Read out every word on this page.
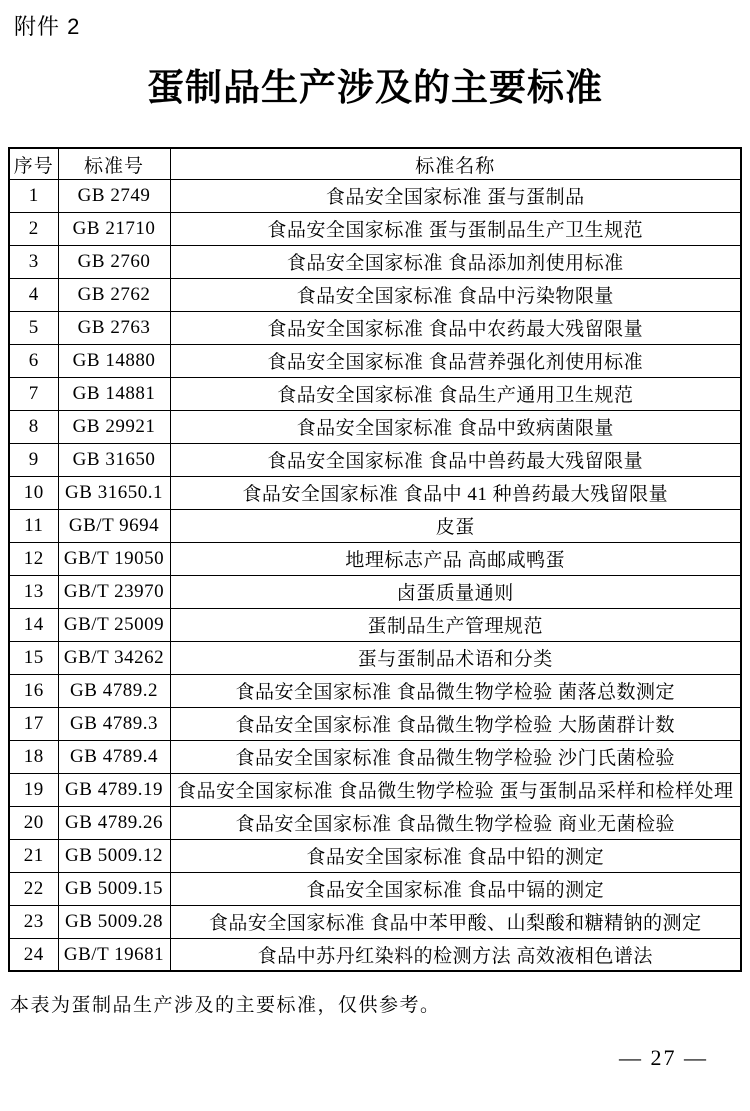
附件 2
蛋制品生产涉及的主要标准
序号	标准号	标准名称
1	GB 2749	食品安全国家标准 蛋与蛋制品
2	GB 21710	食品安全国家标准 蛋与蛋制品生产卫生规范
3	GB 2760	食品安全国家标准 食品添加剂使用标准
4	GB 2762	食品安全国家标准 食品中污染物限量
5	GB 2763	食品安全国家标准 食品中农药最大残留限量
6	GB 14880	食品安全国家标准 食品营养强化剂使用标准
7	GB 14881	食品安全国家标准 食品生产通用卫生规范
8	GB 29921	食品安全国家标准 食品中致病菌限量
9	GB 31650	食品安全国家标准 食品中兽药最大残留限量
10	GB 31650.1	食品安全国家标准 食品中 41 种兽药最大残留限量
11	GB/T 9694	皮蛋
12	GB/T 19050	地理标志产品 高邮咸鸭蛋
13	GB/T 23970	卤蛋质量通则
14	GB/T 25009	蛋制品生产管理规范
15	GB/T 34262	蛋与蛋制品术语和分类
16	GB 4789.2	食品安全国家标准 食品微生物学检验 菌落总数测定
17	GB 4789.3	食品安全国家标准 食品微生物学检验 大肠菌群计数
18	GB 4789.4	食品安全国家标准 食品微生物学检验 沙门氏菌检验
19	GB 4789.19	食品安全国家标准 食品微生物学检验 蛋与蛋制品采样和检样处理
20	GB 4789.26	食品安全国家标准 食品微生物学检验 商业无菌检验
21	GB 5009.12	食品安全国家标准 食品中铅的测定
22	GB 5009.15	食品安全国家标准 食品中镉的测定
23	GB 5009.28	食品安全国家标准 食品中苯甲酸、山梨酸和糖精钠的测定
24	GB/T 19681	食品中苏丹红染料的检测方法 高效液相色谱法

本表为蛋制品生产涉及的主要标准，仅供参考。

— 27 —
